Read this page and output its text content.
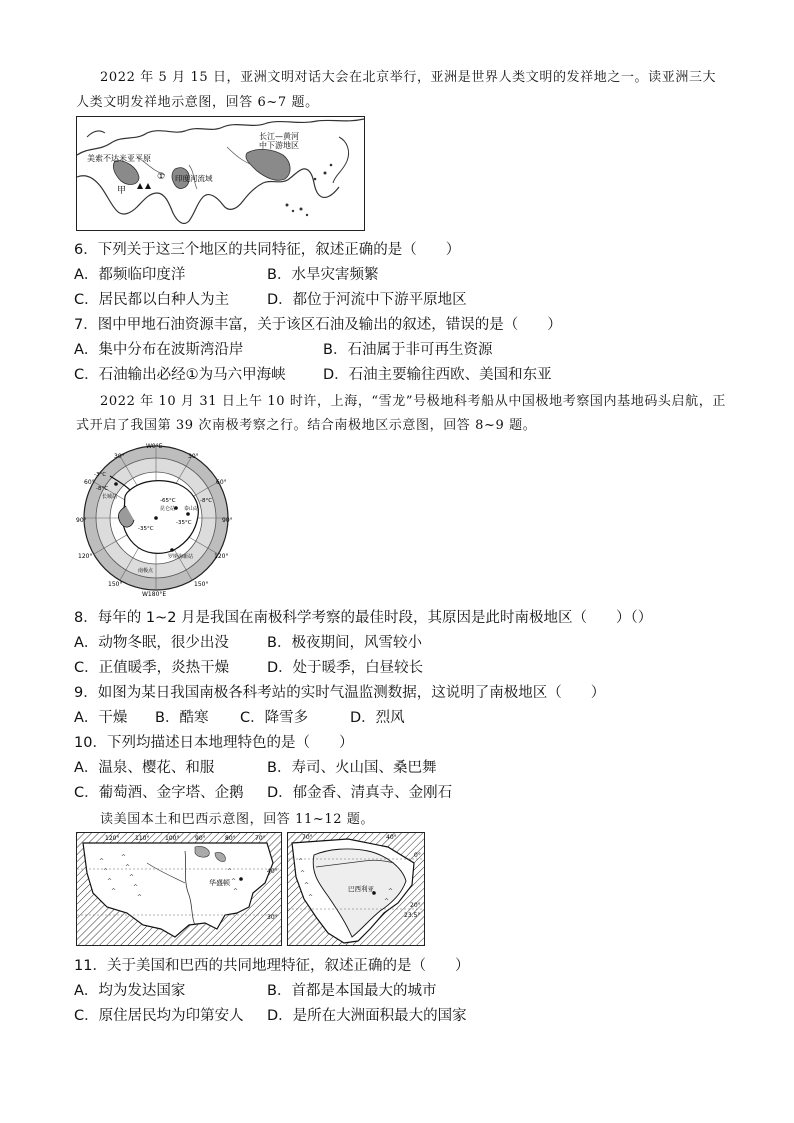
2022 年 5 月 15 日，亚洲文明对话大会在北京举行，亚洲是世界人类文明的发祥地之一。读亚洲三大
人类文明发祥地示意图，回答 6~7 题。
美索不达米亚平原
甲
① 印度河流域
长江—黄河
中下游地区
6．下列关于这三个地区的共同特征，叙述正确的是（　　）
A．都频临印度洋	B．水旱灾害频繁
C．居民都以白种人为主	D．都位于河流中下游平原地区
7．图中甲地石油资源丰富，关于该区石油及输出的叙述，错误的是（　　）
A．集中分布在波斯湾沿岸	B．石油属于非可再生资源
C．石油输出必经①为马六甲海峡	D．石油主要输往西欧、美国和东亚
2022 年 10 月 31 日上午 10 时许，上海，“雪龙”号极地科考船从中国极地考察国内基地码头启航，正
式开启了我国第 39 次南极考察之行。结合南极地区示意图，回答 8~9 题。
W0°E
W180°E
30°	30°
60°	60°
90°	90°
120°	120°
150°	150°
-3°C
-8°C
-8°C
-35°C
-65°C
-35°C
长城站
昆仑站 泰山站
罗斯海新站
南极点
8．每年的 1~2 月是我国在南极科学考察的最佳时段，其原因是此时南极地区（　　）（）
A．动物冬眠，很少出没	B．极夜期间，风雪较小
C．正值暖季，炎热干燥	D．处于暖季，白昼较长
9．如图为某日我国南极各科考站的实时气温监测数据，这说明了南极地区（　　）
A．干燥 B．酷寒 C．降雪多	D．烈风
10．下列均描述日本地理特色的是（　　）
A．温泉、樱花、和服	B．寿司、火山国、桑巴舞
C．葡萄酒、金字塔、企鹅 D．郁金香、清真寺、金刚石
读美国本土和巴西示意图，回答 11~12 题。
^
^
^
^
^
^
^
^
^
^
^
^
华盛顿
120°	110°	100°	90°	80°	70°
40°
30°
^
^
^
^
^
^
巴西利亚
70°	40°
0°
20°
23.5°
11．关于美国和巴西的共同地理特征，叙述正确的是（　　）
A．均为发达国家	B．首都是本国最大的城市
C．原住居民均为印第安人 D．是所在大洲面积最大的国家
